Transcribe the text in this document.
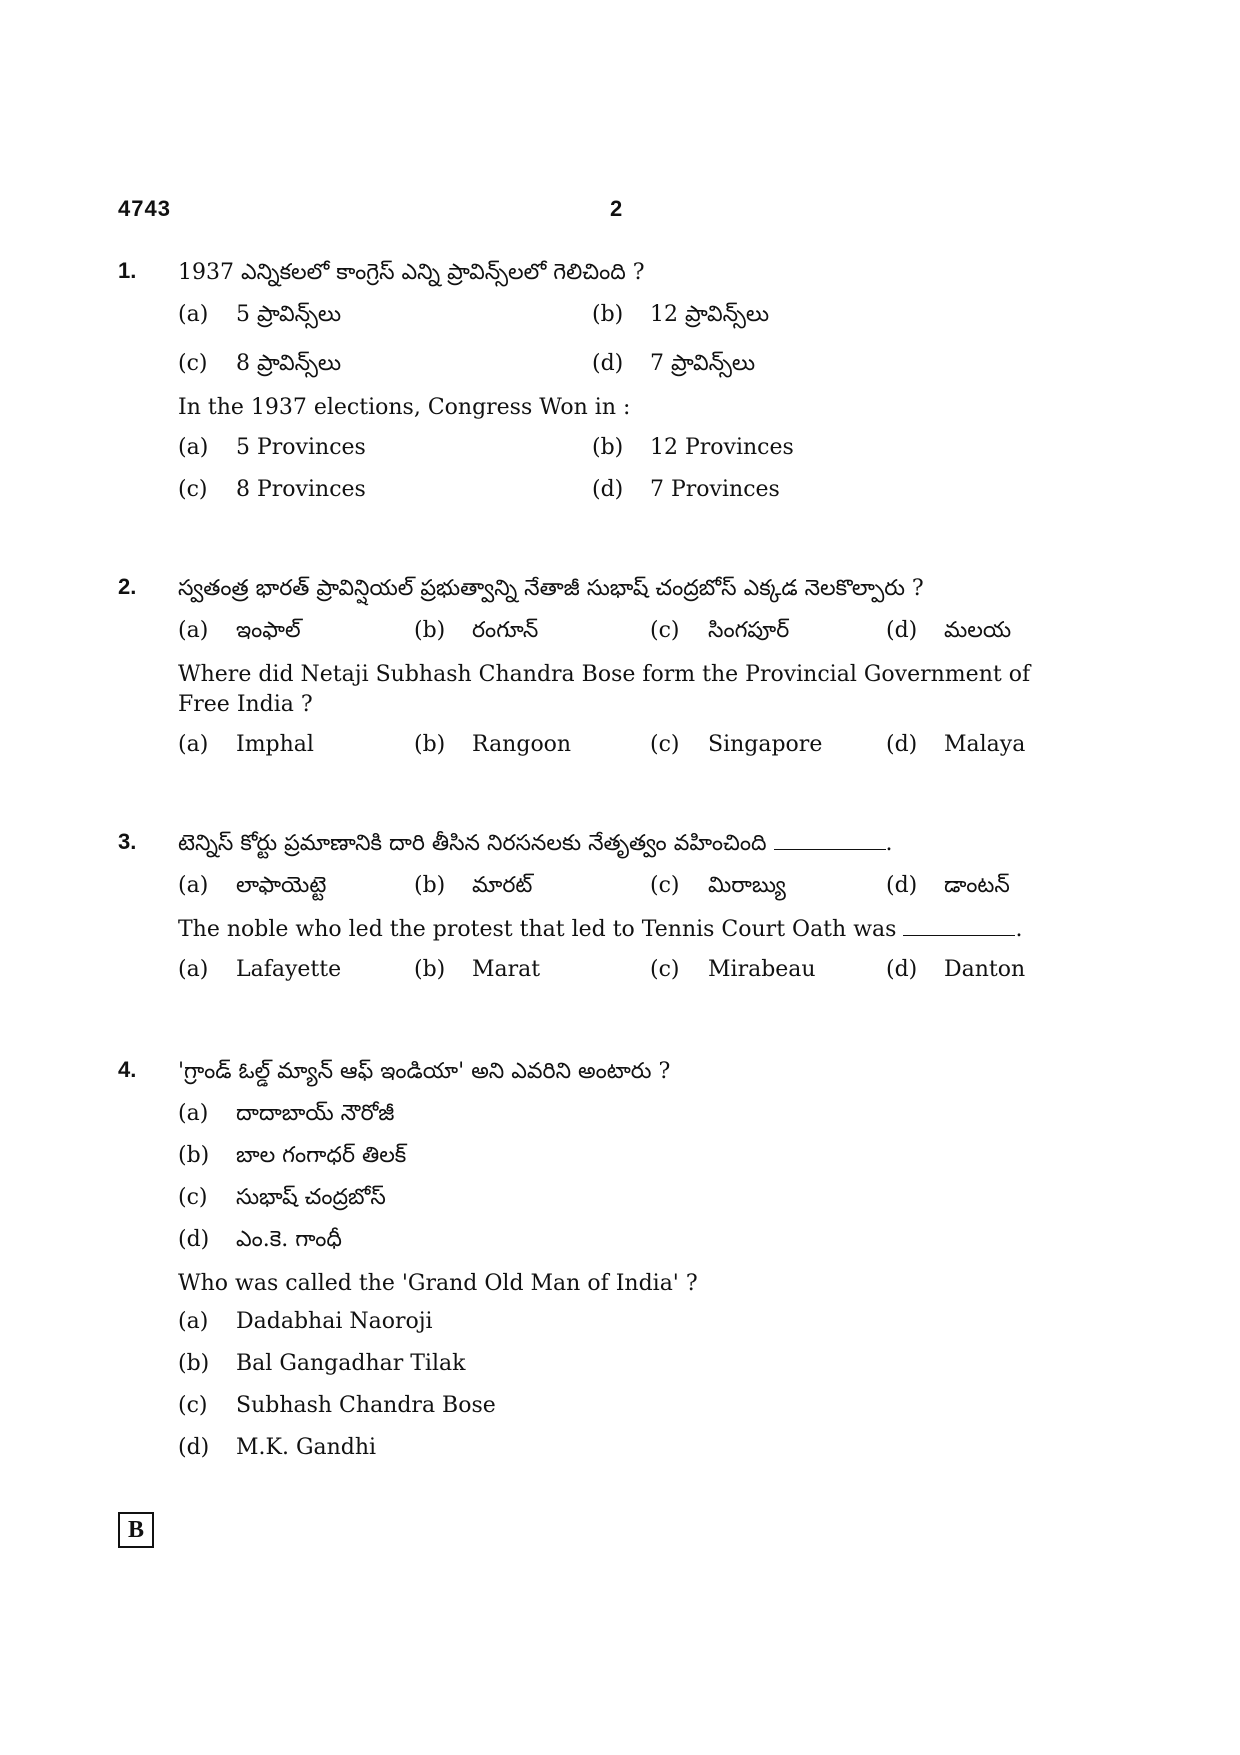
4743	2
1. 1937 ఎన్నికలలో కాంగ్రెస్ ఎన్ని ప్రావిన్స్‌లలో గెలిచింది ?
(a) 5 ప్రావిన్స్‌లు	(b) 12 ప్రావిన్స్‌లు
(c) 8 ప్రావిన్స్‌లు	(d) 7 ప్రావిన్స్‌లు
In the 1937 elections, Congress Won in :
(a) 5 Provinces	(b) 12 Provinces
(c) 8 Provinces	(d) 7 Provinces
2. స్వతంత్ర భారత్ ప్రావిన్షియల్ ప్రభుత్వాన్ని నేతాజీ సుభాష్ చంద్రబోస్ ఎక్కడ నెలకొల్పారు ?
(a) ఇంఫాల్	(b) రంగూన్	(c) సింగపూర్	(d) మలయ
Where did Netaji Subhash Chandra Bose form the Provincial Government of Free India ?
(a) Imphal	(b) Rangoon	(c) Singapore	(d) Malaya
3. టెన్నిస్ కోర్టు ప్రమాణానికి దారి తీసిన నిరసనలకు నేతృత్వం వహించింది	.
(a) లాఫాయెట్టె	(b) మారట్	(c) మిరాబ్యు	(d) డాంటన్
The noble who led the protest that led to Tennis Court Oath was	.
(a) Lafayette	(b) Marat	(c) Mirabeau	(d) Danton
4. 'గ్రాండ్ ఓల్డ్ మ్యాన్ ఆఫ్ ఇండియా' అని ఎవరిని అంటారు ?
(a) దాదాబాయ్ నౌరోజీ
(b) బాల గంగాధర్ తిలక్
(c) సుభాష్ చంద్రబోస్
(d) ఎం.కె. గాంధీ
Who was called the 'Grand Old Man of India' ?
(a) Dadabhai Naoroji
(b) Bal Gangadhar Tilak
(c) Subhash Chandra Bose
(d) M.K. Gandhi
B
